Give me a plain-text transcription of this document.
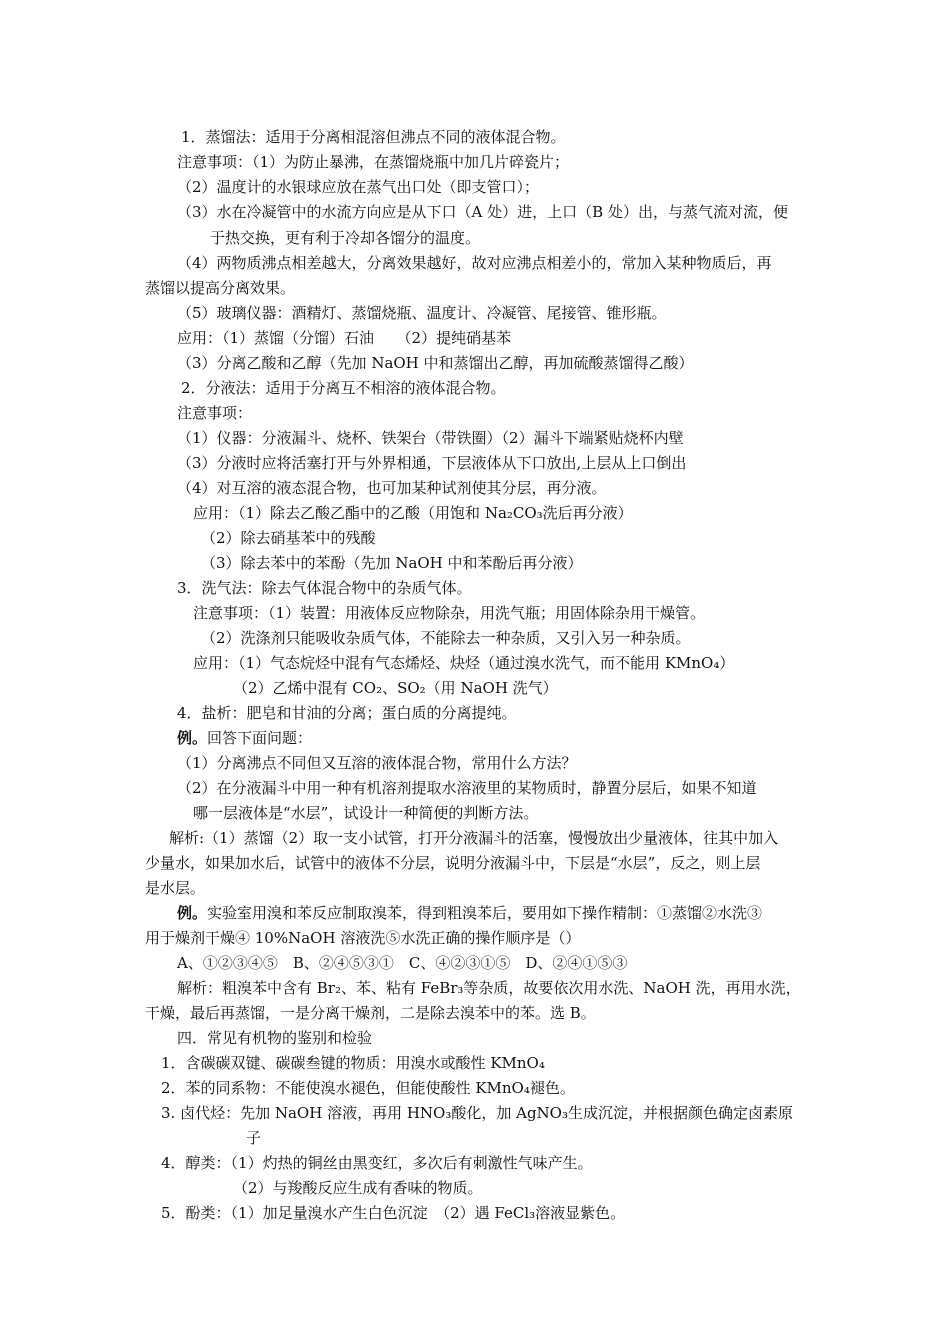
1．蒸馏法：适用于分离相混溶但沸点不同的液体混合物。
注意事项：（1）为防止暴沸，在蒸馏烧瓶中加几片碎瓷片；
（2）温度计的水银球应放在蒸气出口处（即支管口）；
（3）水在冷凝管中的水流方向应是从下口（A 处）进，上口（B 处）出，与蒸气流对流，便
于热交换，更有利于冷却各馏分的温度。
（4）两物质沸点相差越大，分离效果越好，故对应沸点相差小的，常加入某种物质后，再
蒸馏以提高分离效果。
（5）玻璃仪器：酒精灯、蒸馏烧瓶、温度计、冷凝管、尾接管、锥形瓶。
应用：（1）蒸馏（分馏）石油　　（2）提纯硝基苯
（3）分离乙酸和乙醇（先加 NaOH 中和蒸馏出乙醇，再加硫酸蒸馏得乙酸）
2．分液法：适用于分离互不相溶的液体混合物。
注意事项：
（1）仪器：分液漏斗、烧杯、铁架台（带铁圈）（2）漏斗下端紧贴烧杯内壁
（3）分液时应将活塞打开与外界相通，下层液体从下口放出,上层从上口倒出
（4）对互溶的液态混合物，也可加某种试剂使其分层，再分液。
应用：（1）除去乙酸乙酯中的乙酸（用饱和 Na₂CO₃洗后再分液）
（2）除去硝基苯中的残酸
（3）除去苯中的苯酚（先加 NaOH 中和苯酚后再分液）
3．洗气法：除去气体混合物中的杂质气体。
注意事项：（1）装置：用液体反应物除杂，用洗气瓶；用固体除杂用干燥管。
（2）洗涤剂只能吸收杂质气体，不能除去一种杂质，又引入另一种杂质。
应用：（1）气态烷烃中混有气态烯烃、炔烃（通过溴水洗气，而不能用 KMnO₄）
（2）乙烯中混有 CO₂、SO₂（用 NaOH 洗气）
4．盐析：肥皂和甘油的分离；蛋白质的分离提纯。
例。回答下面问题：
（1）分离沸点不同但又互溶的液体混合物，常用什么方法？
（2）在分液漏斗中用一种有机溶剂提取水溶液里的某物质时，静置分层后，如果不知道
哪一层液体是“水层”，试设计一种简便的判断方法。
解析:（1）蒸馏（2）取一支小试管，打开分液漏斗的活塞，慢慢放出少量液体，往其中加入
少量水，如果加水后，试管中的液体不分层，说明分液漏斗中，下层是“水层”，反之，则上层
是水层。
例。实验室用溴和苯反应制取溴苯，得到粗溴苯后，要用如下操作精制：①蒸馏②水洗③
用于燥剂干燥④ 10%NaOH 溶液洗⑤水洗正确的操作顺序是（）
A、①②③④⑤　B、②④⑤③①　C、④②③①⑤　D、②④①⑤③
解析：粗溴苯中含有 Br₂、苯、粘有 FeBr₃等杂质，故要依次用水洗、NaOH 洗，再用水洗，
干燥，最后再蒸馏，一是分离干燥剂，二是除去溴苯中的苯。选 B。
四．常见有机物的鉴别和检验
1．含碳碳双键、碳碳叁键的物质：用溴水或酸性 KMnO₄
2．苯的同系物：不能使溴水褪色，但能使酸性 KMnO₄褪色。
3. 卤代烃：先加 NaOH 溶液，再用 HNO₃酸化，加 AgNO₃生成沉淀，并根据颜色确定卤素原
子
4．醇类：（1）灼热的铜丝由黑变红，多次后有刺激性气味产生。
（2）与羧酸反应生成有香味的物质。
5．酚类：（1）加足量溴水产生白色沉淀　（2）遇 FeCl₃溶液显紫色。
